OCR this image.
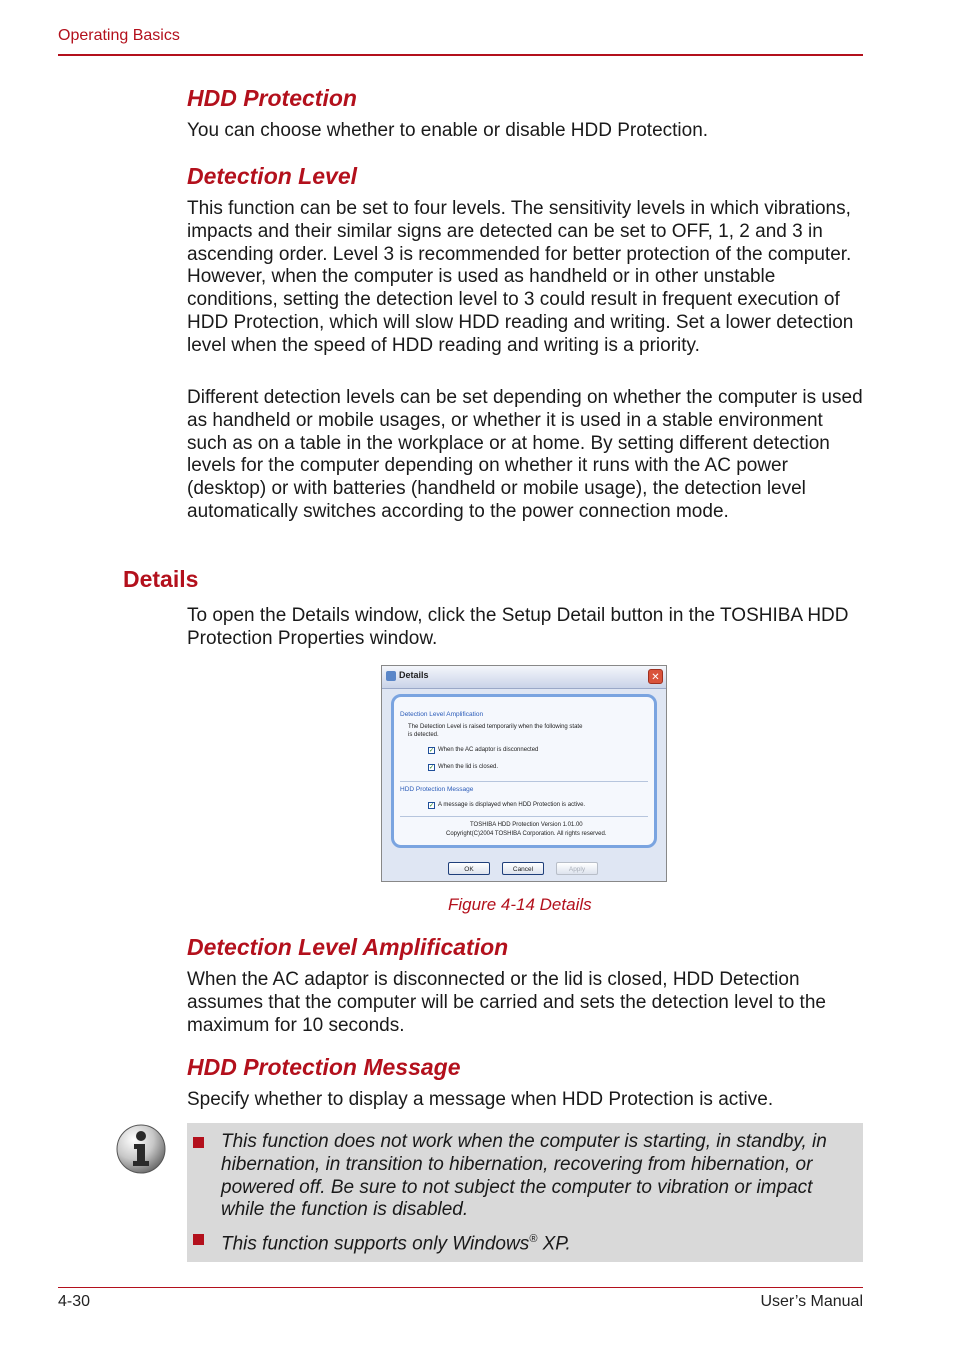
Operating Basics
HDD Protection
You can choose whether to enable or disable HDD Protection.
Detection Level
This function can be set to four levels. The sensitivity levels in which vibrations, impacts and their similar signs are detected can be set to OFF, 1, 2 and 3 in ascending order. Level 3 is recommended for better protection of the computer. However, when the computer is used as handheld or in other unstable conditions, setting the detection level to 3 could result in frequent execution of HDD Protection, which will slow HDD reading and writing. Set a lower detection level when the speed of HDD reading and writing is a priority.
Different detection levels can be set depending on whether the computer is used as handheld or mobile usages, or whether it is used in a stable environment such as on a table in the workplace or at home. By setting different detection levels for the computer depending on whether it runs with the AC power (desktop) or with batteries (handheld or mobile usage), the detection level automatically switches according to the power connection mode.
Details
To open the Details window, click the Setup Detail button in the TOSHIBA HDD Protection Properties window.
Details	✕
Detection Level Amplification
The Detection Level is raised temporarily when the following state
is detected.
✓ When the AC adaptor is disconnected
✓ When the lid is closed.
HDD Protection Message
✓ A message is displayed when HDD Protection is active.
TOSHIBA HDD Protection Version 1.01.00
Copyright(C)2004 TOSHIBA Corporation. All rights reserved.
OK	Cancel	Apply
Figure 4-14 Details
Detection Level Amplification
When the AC adaptor is disconnected or the lid is closed, HDD Detection assumes that the computer will be carried and sets the detection level to the maximum for 10 seconds.
HDD Protection Message
Specify whether to display a message when HDD Protection is active.
This function does not work when the computer is starting, in standby, in hibernation, in transition to hibernation, recovering from hibernation, or powered off. Be sure to not subject the computer to vibration or impact while the function is disabled.
This function supports only Windows® XP.
4-30	User’s Manual
